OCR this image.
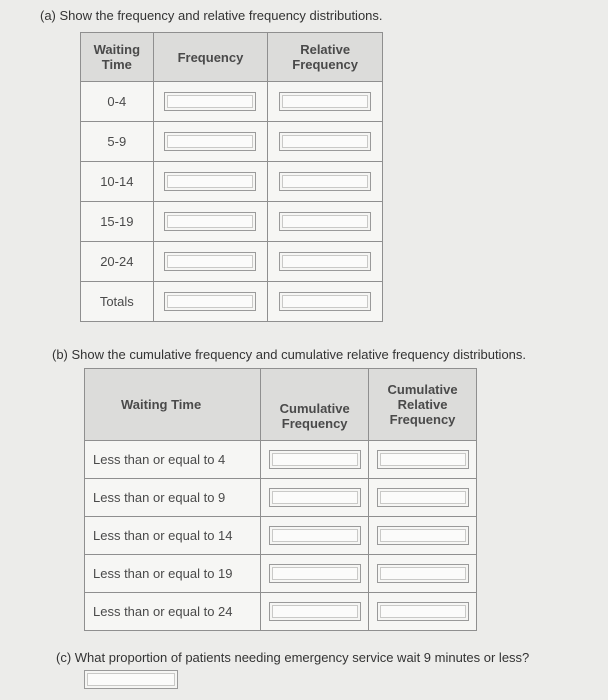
(a) Show the frequency and relative frequency distributions.
Waiting Time	Frequency	Relative Frequency
0-4	

5-9	

10-14	

15-19	

20-24	

Totals	

(b) Show the cumulative frequency and cumulative relative frequency distributions.
Waiting Time	Cumulative Frequency	Cumulative Relative Frequency
Less than or equal to 4	

Less than or equal to 9	

Less than or equal to 14	

Less than or equal to 19	

Less than or equal to 24	

(c) What proportion of patients needing emergency service wait 9 minutes or less?
